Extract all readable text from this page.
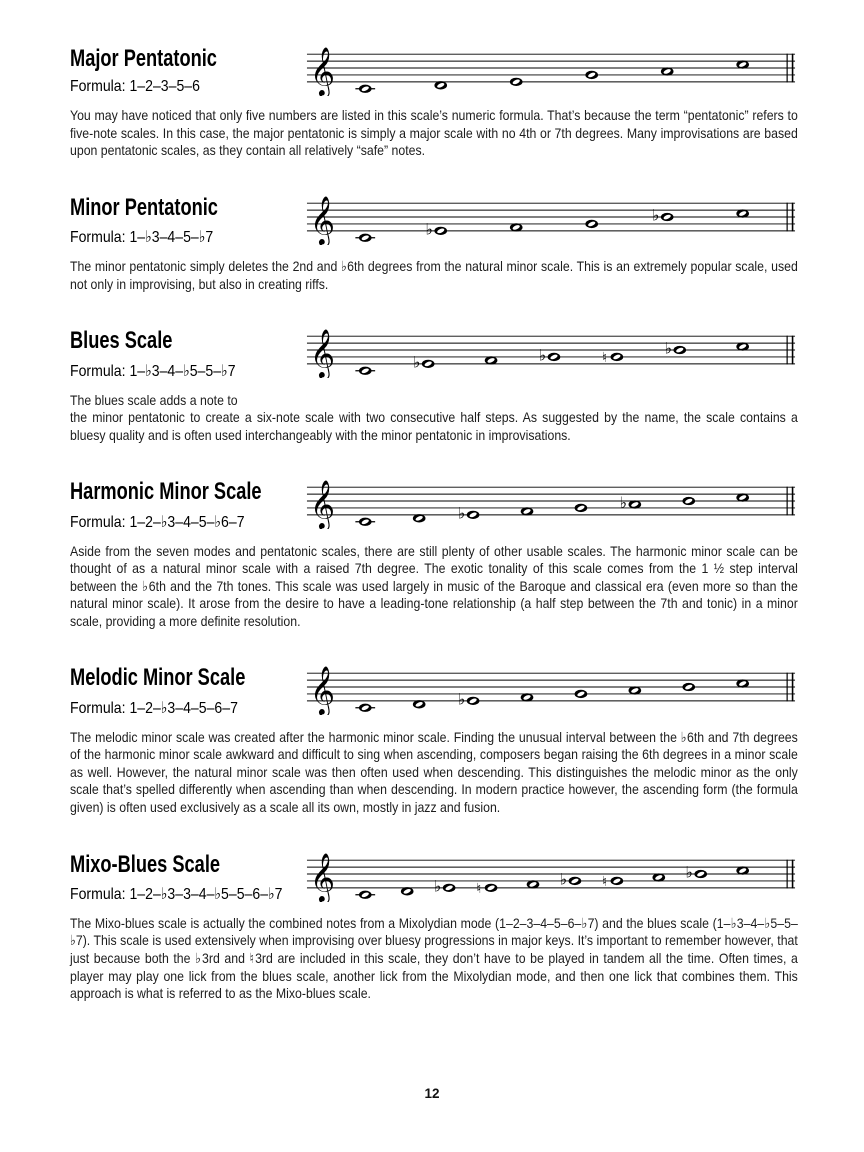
Major Pentatonic
Formula: 1–2–3–5–6	𝄞

You may have noticed that only five numbers are listed in this scale’s numeric formula. That’s because the term “pentatonic” refers to five-note scales. In this case, the major pentatonic is simply a major scale with no 4th or 7th degrees. Many improvisations are based upon pentatonic scales, as they contain all relatively “safe” notes.

Minor Pentatonic
Formula: 1–♭3–4–5–♭7	𝄞	♭
♭

The minor pentatonic simply deletes the 2nd and ♭6th degrees from the natural minor scale. This is an extremely popular scale, used not only in improvising, but also in creating riffs.

Blues Scale
Formula: 1–♭3–4–♭5–5–♭7	𝄞	♭	♭	♮
♭

The blues scale adds a note to

the minor pentatonic to create a six-note scale with two consecutive half steps. As suggested by the name, the scale contains a bluesy quality and is often used interchangeably with the minor pentatonic in improvisations.

Harmonic Minor Scale
Formula: 1–2–♭3–4–5–♭6–7	𝄞	♭
♭

Aside from the seven modes and pentatonic scales, there are still plenty of other usable scales. The harmonic minor scale can be thought of as a natural minor scale with a raised 7th degree. The exotic tonality of this scale comes from the 1 ½ step interval between the ♭6th and the 7th tones. This scale was used largely in music of the Baroque and classical era (even more so than the natural minor scale). It arose from the desire to have a leading-tone relationship (a half step between the 7th and tonic) in a minor scale, providing a more definite resolution.

Melodic Minor Scale
Formula: 1–2–♭3–4–5–6–7	𝄞	♭

The melodic minor scale was created after the harmonic minor scale. Finding the unusual interval between the ♭6th and 7th degrees of the harmonic minor scale awkward and difficult to sing when ascending, composers began raising the 6th degrees in a minor scale as well. However, the natural minor scale was then often used when descending. This distinguishes the melodic minor as the only scale that’s spelled differently when ascending than when descending. In modern practice however, the ascending form (the formula given) is often used exclusively as a scale all its own, mostly in jazz and fusion.

Mixo-Blues Scale
Formula: 1–2–♭3–3–4–♭5–5–6–♭7 𝄞	♭ ♮
♭ ♮
♭

The Mixo-blues scale is actually the combined notes from a Mixolydian mode (1–2–3–4–5–6–♭7) and the blues scale (1–♭3–4–♭5–5–♭7). This scale is used extensively when improvising over bluesy progressions in major keys. It’s important to remember however, that just because both the ♭3rd and ♮3rd are included in this scale, they don’t have to be played in tandem all the time. Often times, a player may play one lick from the blues scale, another lick from the Mixolydian mode, and then one lick that combines them. This approach is what is referred to as the Mixo-blues scale.

12
